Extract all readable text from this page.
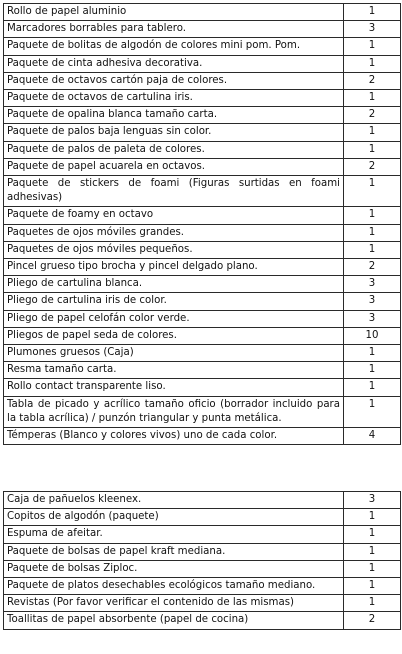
Rollo de papel aluminio	1
Marcadores borrables para tablero.	3
Paquete de bolitas de algodón de colores mini pom. Pom.	1
Paquete de cinta adhesiva decorativa.	1
Paquete de octavos cartón paja de colores.	2
Paquete de octavos de cartulina iris.	1
Paquete de opalina blanca tamaño carta.	2
Paquete de palos baja lenguas sin color.	1
Paquete de palos de paleta de colores.	1
Paquete de papel acuarela en octavos.	2
Paquete de stickers de foami (Figuras surtidas en foami adhesivas)	1
Paquete de foamy en octavo	1
Paquetes de ojos móviles grandes.	1
Paquetes de ojos móviles pequeños.	1
Pincel grueso tipo brocha y pincel delgado plano.	2
Pliego de cartulina blanca.	3
Pliego de cartulina iris de color.	3
Pliego de papel celofán color verde.	3
Pliegos de papel seda de colores.	10
Plumones gruesos (Caja)	1
Resma tamaño carta.	1
Rollo contact transparente liso.	1
Tabla de picado y acrílico tamaño oficio (borrador incluido para la tabla acrílica) / punzón triangular y punta metálica.	1
Témperas (Blanco y colores vivos) uno de cada color.	4
Caja de pañuelos kleenex.	3
Copitos de algodón (paquete)	1
Espuma de afeitar.	1
Paquete de bolsas de papel kraft mediana.	1
Paquete de bolsas Ziploc.	1
Paquete de platos desechables ecológicos tamaño mediano.	1
Revistas (Por favor verificar el contenido de las mismas)	1
Toallitas de papel absorbente (papel de cocina)	2
